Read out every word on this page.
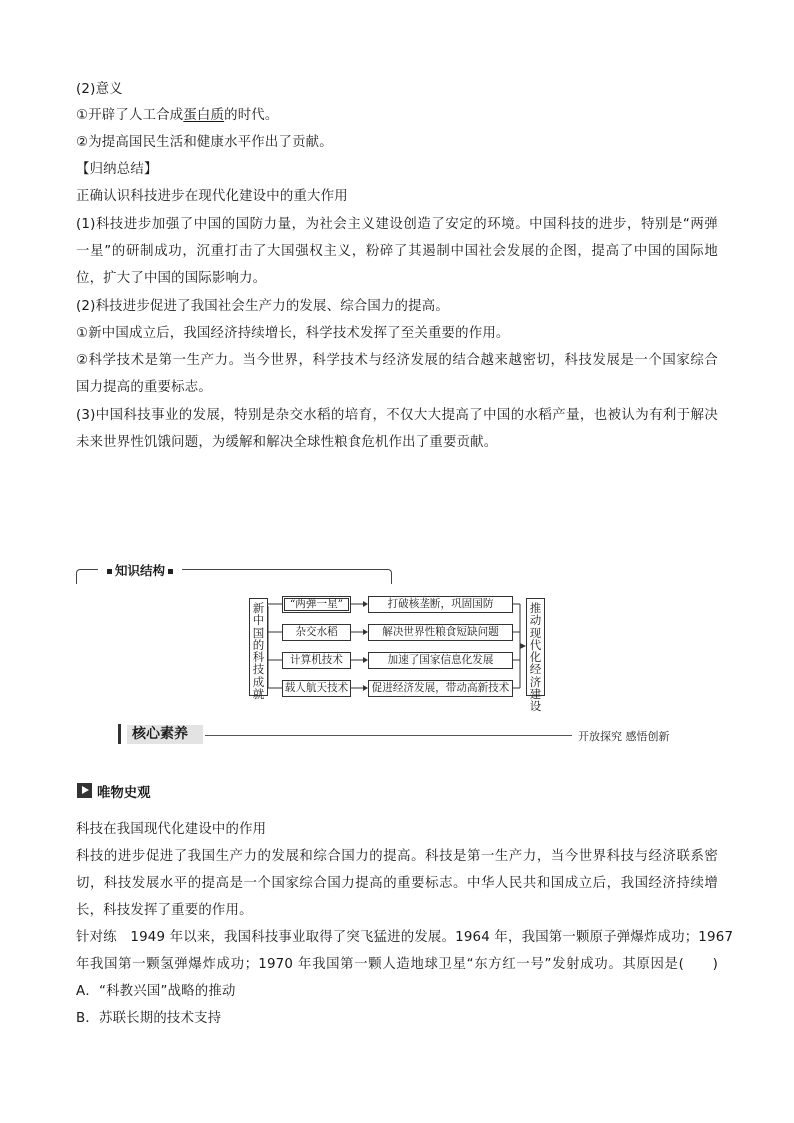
(2)意义
①开辟了人工合成蛋白质的时代。
②为提高国民生活和健康水平作出了贡献。
【归纳总结】
正确认识科技进步在现代化建设中的重大作用
(1)科技进步加强了中国的国防力量，为社会主义建设创造了安定的环境。中国科技的进步，特别是“两弹
一星”的研制成功，沉重打击了大国强权主义，粉碎了其遏制中国社会发展的企图，提高了中国的国际地
位，扩大了中国的国际影响力。
(2)科技进步促进了我国社会生产力的发展、综合国力的提高。
①新中国成立后，我国经济持续增长，科学技术发挥了至关重要的作用。
②科学技术是第一生产力。当今世界，科学技术与经济发展的结合越来越密切，科技发展是一个国家综合
国力提高的重要标志。
(3)中国科技事业的发展，特别是杂交水稻的培育，不仅大大提高了中国的水稻产量，也被认为有利于解决
未来世界性饥饿问题，为缓解和解决全球性粮食危机作出了重要贡献。
知识结构
新中国的科技成就
推动现代化经济建设
“两弹一星”
杂交水稻
计算机技术
载人航天技术
打破核垄断，巩固国防
解决世界性粮食短缺问题
加速了国家信息化发展
促进经济发展，带动高新技术
核心素养	开放探究 感悟创新
唯物史观
科技在我国现代化建设中的作用
科技的进步促进了我国生产力的发展和综合国力的提高。科技是第一生产力，当今世界科技与经济联系密
切，科技发展水平的提高是一个国家综合国力提高的重要标志。中华人民共和国成立后，我国经济持续增
长，科技发挥了重要的作用。
针对练　1949 年以来，我国科技事业取得了突飞猛进的发展。1964 年，我国第一颗原子弹爆炸成功；1967
年我国第一颗氢弹爆炸成功；1970 年我国第一颗人造地球卫星“东方红一号”发射成功。其原因是(　　)
A．“科教兴国”战略的推动
B．苏联长期的技术支持
